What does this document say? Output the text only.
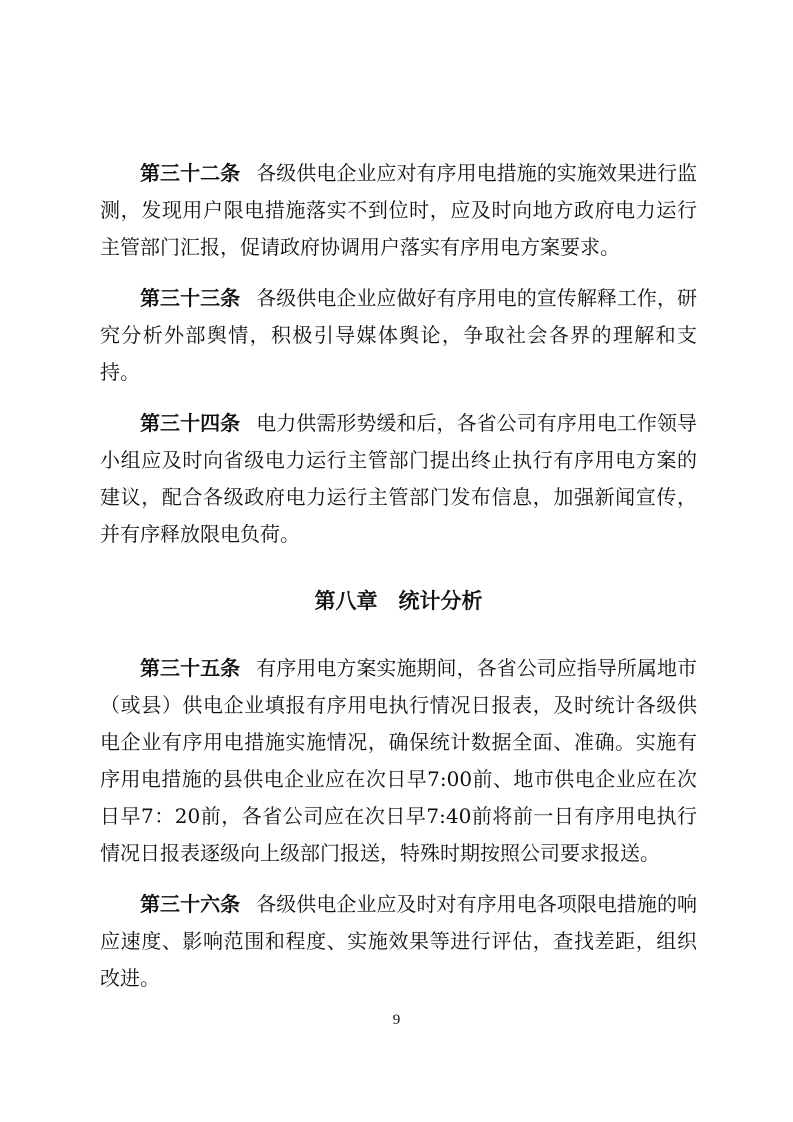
第三十二条 各级供电企业应对有序用电措施的实施效果进行监测，发现用户限电措施落实不到位时，应及时向地方政府电力运行主管部门汇报，促请政府协调用户落实有序用电方案要求。

第三十三条 各级供电企业应做好有序用电的宣传解释工作，研究分析外部舆情，积极引导媒体舆论，争取社会各界的理解和支持。

第三十四条 电力供需形势缓和后，各省公司有序用电工作领导小组应及时向省级电力运行主管部门提出终止执行有序用电方案的建议，配合各级政府电力运行主管部门发布信息，加强新闻宣传，并有序释放限电负荷。

第八章 统计分析

第三十五条 有序用电方案实施期间，各省公司应指导所属地市（或县）供电企业填报有序用电执行情况日报表，及时统计各级供电企业有序用电措施实施情况，确保统计数据全面、准确。实施有序用电措施的县供电企业应在次日早7:00前、地市供电企业应在次日早7：20前，各省公司应在次日早7:40前将前一日有序用电执行情况日报表逐级向上级部门报送，特殊时期按照公司要求报送。

第三十六条 各级供电企业应及时对有序用电各项限电措施的响应速度、影响范围和程度、实施效果等进行评估，查找差距，组织改进。

9
